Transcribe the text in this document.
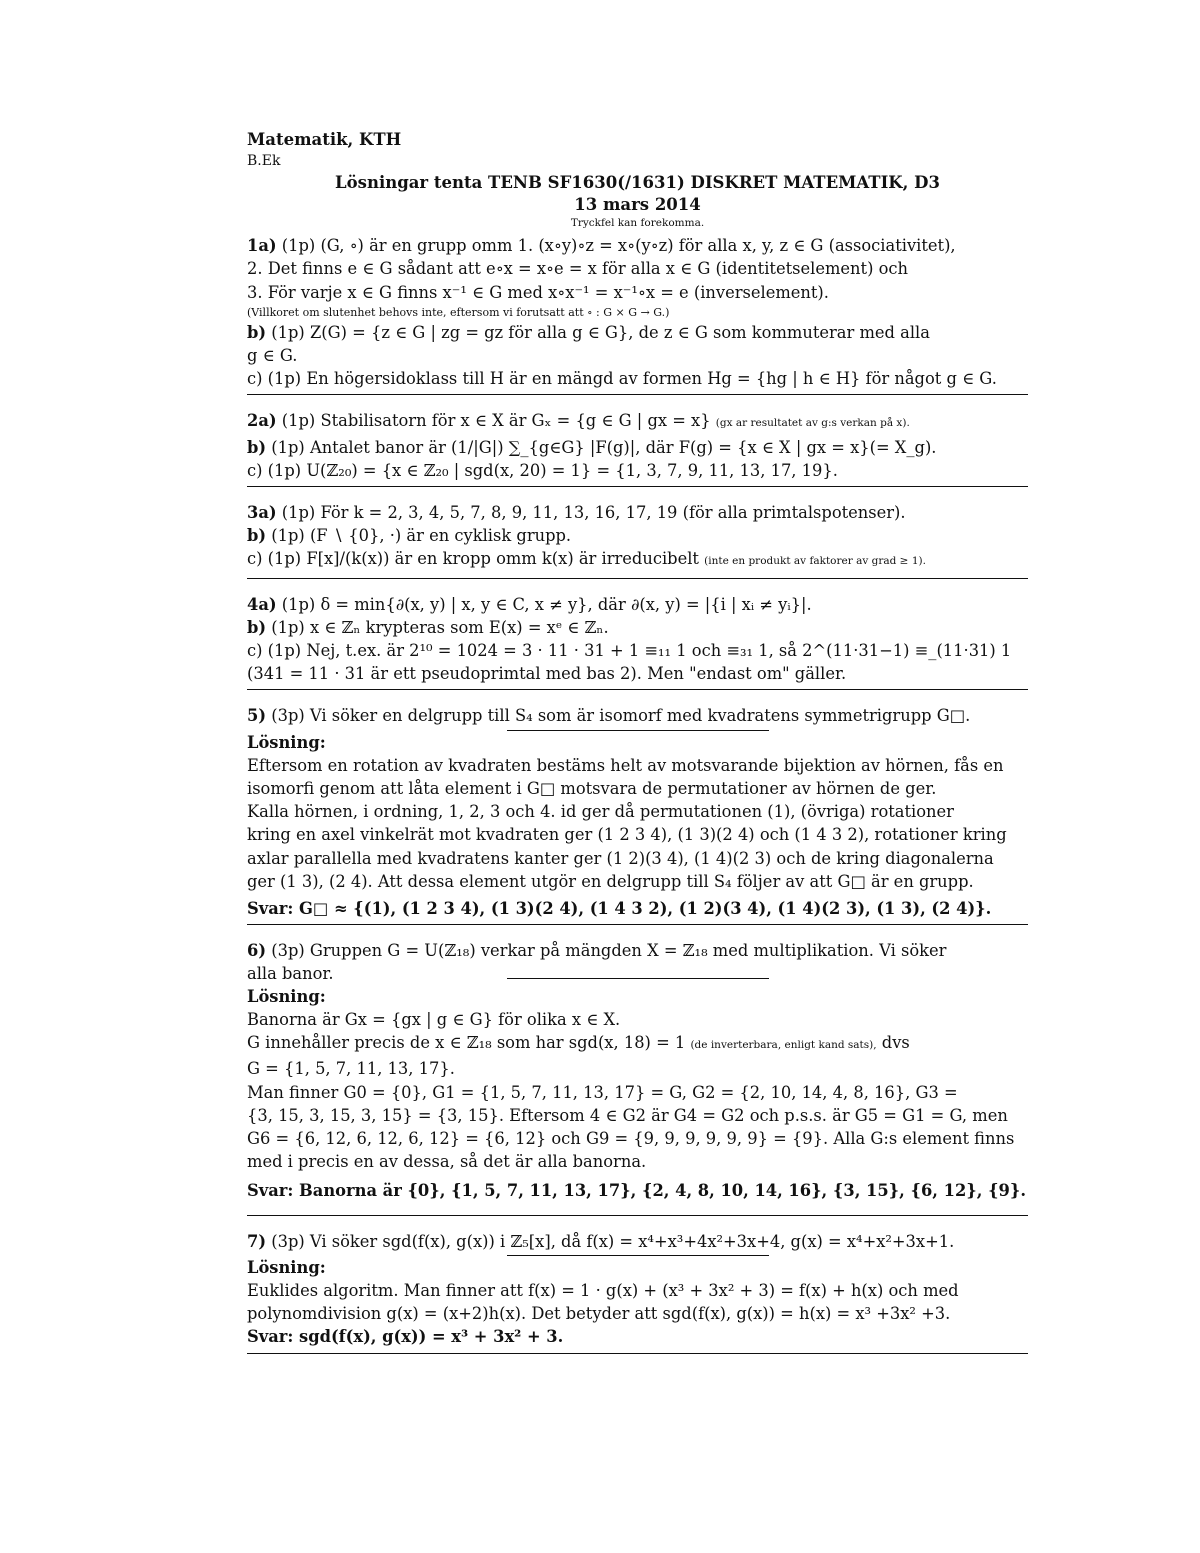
Matematik, KTH
B.Ek
Lösningar tenta TENB SF1630(/1631) DISKRET MATEMATIK, D3
13 mars 2014
Tryckfel kan forekomma.
1a) (1p) (G, ∘) är en grupp omm 1. (x∘y)∘z = x∘(y∘z) för alla x, y, z ∈ G (associativitet),
2. Det finns e ∈ G sådant att e∘x = x∘e = x för alla x ∈ G (identitetselement) och
3. För varje x ∈ G finns x⁻¹ ∈ G med x∘x⁻¹ = x⁻¹∘x = e (inverselement).
(Villkoret om slutenhet behovs inte, eftersom vi forutsatt att ∘ : G × G → G.)
b) (1p) Z(G) = {z ∈ G | zg = gz för alla g ∈ G}, de z ∈ G som kommuterar med alla
g ∈ G.
c) (1p) En högersidoklass till H är en mängd av formen Hg = {hg | h ∈ H} för något g ∈ G.
2a) (1p) Stabilisatorn för x ∈ X är Gₓ = {g ∈ G | gx = x} (gx ar resultatet av g:s verkan på x).
b) (1p) Antalet banor är (1/|G|) ∑_{g∈G} |F(g)|, där F(g) = {x ∈ X | gx = x}(= X_g).
c) (1p) U(ℤ₂₀) = {x ∈ ℤ₂₀ | sgd(x, 20) = 1} = {1, 3, 7, 9, 11, 13, 17, 19}.
3a) (1p) För k = 2, 3, 4, 5, 7, 8, 9, 11, 13, 16, 17, 19 (för alla primtalspotenser).
b) (1p) (F ∖ {0}, ·) är en cyklisk grupp.
c) (1p) F[x]/(k(x)) är en kropp omm k(x) är irreducibelt (inte en produkt av faktorer av grad ≥ 1).
4a) (1p) δ = min{∂(x, y) | x, y ∈ C, x ≠ y}, där ∂(x, y) = |{i | xᵢ ≠ yᵢ}|.
b) (1p) x ∈ ℤₙ krypteras som E(x) = xᵉ ∈ ℤₙ.
c) (1p) Nej, t.ex. är 2¹⁰ = 1024 = 3 · 11 · 31 + 1 ≡₁₁ 1 och ≡₃₁ 1, så 2^(11·31−1) ≡_(11·31) 1
(341 = 11 · 31 är ett pseudoprimtal med bas 2). Men "endast om" gäller.
5) (3p) Vi söker en delgrupp till S₄ som är isomorf med kvadratens symmetrigrupp G□.
Lösning:
Eftersom en rotation av kvadraten bestäms helt av motsvarande bijektion av hörnen, fås en
isomorfi genom att låta element i G□ motsvara de permutationer av hörnen de ger.
Kalla hörnen, i ordning, 1, 2, 3 och 4. id ger då permutationen (1), (övriga) rotationer
kring en axel vinkelrät mot kvadraten ger (1 2 3 4), (1 3)(2 4) och (1 4 3 2), rotationer kring
axlar parallella med kvadratens kanter ger (1 2)(3 4), (1 4)(2 3) och de kring diagonalerna
ger (1 3), (2 4). Att dessa element utgör en delgrupp till S₄ följer av att G□ är en grupp.
Svar: G□ ≈ {(1), (1 2 3 4), (1 3)(2 4), (1 4 3 2), (1 2)(3 4), (1 4)(2 3), (1 3), (2 4)}.
6) (3p) Gruppen G = U(ℤ₁₈) verkar på mängden X = ℤ₁₈ med multiplikation. Vi söker
alla banor.
Lösning:
Banorna är Gx = {gx | g ∈ G} för olika x ∈ X.
G innehåller precis de x ∈ ℤ₁₈ som har sgd(x, 18) = 1 (de inverterbara, enligt kand sats), dvs
G = {1, 5, 7, 11, 13, 17}.
Man finner G0 = {0}, G1 = {1, 5, 7, 11, 13, 17} = G, G2 = {2, 10, 14, 4, 8, 16}, G3 =
{3, 15, 3, 15, 3, 15} = {3, 15}. Eftersom 4 ∈ G2 är G4 = G2 och p.s.s. är G5 = G1 = G, men
G6 = {6, 12, 6, 12, 6, 12} = {6, 12} och G9 = {9, 9, 9, 9, 9, 9} = {9}. Alla G:s element finns
med i precis en av dessa, så det är alla banorna.
Svar: Banorna är {0}, {1, 5, 7, 11, 13, 17}, {2, 4, 8, 10, 14, 16}, {3, 15}, {6, 12}, {9}.
7) (3p) Vi söker sgd(f(x), g(x)) i ℤ₅[x], då f(x) = x⁴+x³+4x²+3x+4, g(x) = x⁴+x²+3x+1.
Lösning:
Euklides algoritm. Man finner att f(x) = 1 · g(x) + (x³ + 3x² + 3) = f(x) + h(x) och med
polynomdivision g(x) = (x+2)h(x). Det betyder att sgd(f(x), g(x)) = h(x) = x³ +3x² +3.
Svar: sgd(f(x), g(x)) = x³ + 3x² + 3.
